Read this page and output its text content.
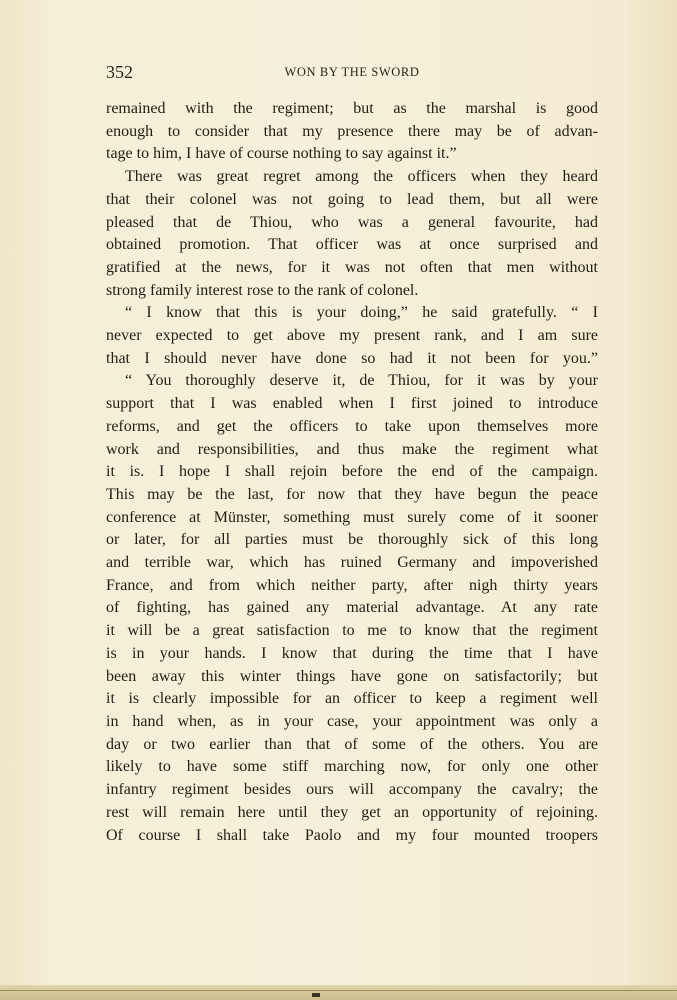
352	WON BY THE SWORD
remained with the regiment; but as the marshal is good
enough to consider that my presence there may be of advan-
tage to him, I have of course nothing to say against it.”
There was great regret among the officers when they heard
that their colonel was not going to lead them, but all were
pleased that de Thiou, who was a general favourite, had
obtained promotion. That officer was at once surprised and
gratified at the news, for it was not often that men without
strong family interest rose to the rank of colonel.
“ I know that this is your doing,” he said gratefully. “ I
never expected to get above my present rank, and I am sure
that I should never have done so had it not been for you.”
“ You thoroughly deserve it, de Thiou, for it was by your
support that I was enabled when I first joined to introduce
reforms, and get the officers to take upon themselves more
work and responsibilities, and thus make the regiment what
it is. I hope I shall rejoin before the end of the campaign.
This may be the last, for now that they have begun the peace
conference at Münster, something must surely come of it sooner
or later, for all parties must be thoroughly sick of this long
and terrible war, which has ruined Germany and impoverished
France, and from which neither party, after nigh thirty years
of fighting, has gained any material advantage. At any rate
it will be a great satisfaction to me to know that the regiment
is in your hands. I know that during the time that I have
been away this winter things have gone on satisfactorily; but
it is clearly impossible for an officer to keep a regiment well
in hand when, as in your case, your appointment was only a
day or two earlier than that of some of the others. You are
likely to have some stiff marching now, for only one other
infantry regiment besides ours will accompany the cavalry; the
rest will remain here until they get an opportunity of rejoining.
Of course I shall take Paolo and my four mounted troopers
